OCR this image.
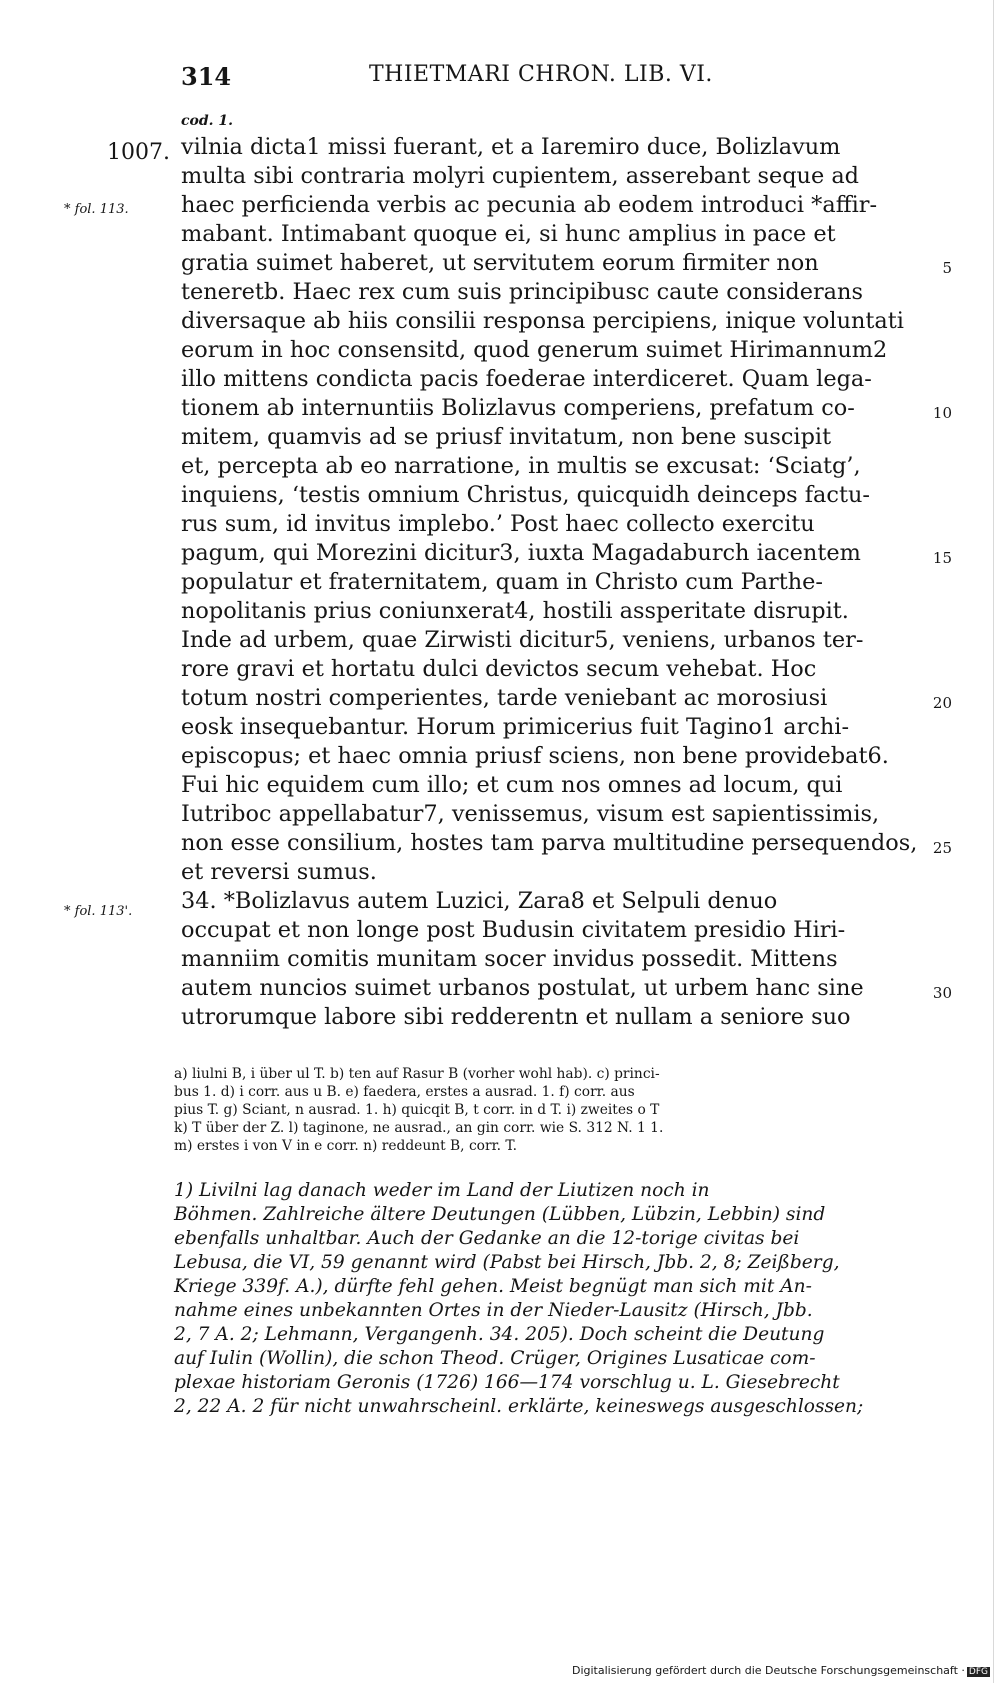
314	THIETMARI CHRON. LIB. VI.
cod. 1.
1007.
* fol. 113.
* fol. 113'.
vilnia dicta1 missi fuerant, et a Iaremiro duce, Bolizlavum
multa sibi contraria molyri cupientem, asserebant seque ad
haec perficienda verbis ac pecunia ab eodem introduci *affir-
mabant. Intimabant quoque ei, si hunc amplius in pace et
gratia suimet haberet, ut servitutem eorum firmiter non
teneretb. Haec rex cum suis principibusc caute considerans
diversaque ab hiis consilii responsa percipiens, inique voluntati
eorum in hoc consensitd, quod generum suimet Hirimannum2
illo mittens condicta pacis foederae interdiceret. Quam lega-
tionem ab internuntiis Bolizlavus comperiens, prefatum co-
mitem, quamvis ad se priusf invitatum, non bene suscipit
et, percepta ab eo narratione, in multis se excusat: ‘Sciatg’,
inquiens, ‘testis omnium Christus, quicquidh deinceps factu-
rus sum, id invitus implebo.’ Post haec collecto exercitu
pagum, qui Morezini dicitur3, iuxta Magadaburch iacentem
populatur et fraternitatem, quam in Christo cum Parthe-
nopolitanis prius coniunxerat4, hostili assperitate disrupit.
Inde ad urbem, quae Zirwisti dicitur5, veniens, urbanos ter-
rore gravi et hortatu dulci devictos secum vehebat. Hoc
totum nostri comperientes, tarde veniebant ac morosiusi
eosk insequebantur. Horum primicerius fuit Tagino1 archi-
episcopus; et haec omnia priusf sciens, non bene providebat6.
Fui hic equidem cum illo; et cum nos omnes ad locum, qui
Iutriboc appellabatur7, venissemus, visum est sapientissimis,
non esse consilium, hostes tam parva multitudine persequendos,
et reversi sumus.
34. *Bolizlavus autem Luzici, Zara8 et Selpuli denuo
occupat et non longe post Budusin civitatem presidio Hiri-
manniim comitis munitam socer invidus possedit. Mittens
autem nuncios suimet urbanos postulat, ut urbem hanc sine
utrorumque labore sibi redderentn et nullam a seniore suo
5
10
15
20
25
30
a) liulni B, i über ul T. b) ten auf Rasur B (vorher wohl hab). c) princi-
bus 1. d) i corr. aus u B. e) faedera, erstes a ausrad. 1. f) corr. aus
pius T. g) Sciant, n ausrad. 1. h) quicqit B, t corr. in d T. i) zweites o T
k) T über der Z. l) taginone, ne ausrad., an gin corr. wie S. 312 N. 1 1.
m) erstes i von V in e corr. n) reddeunt B, corr. T.
1) Livilni lag danach weder im Land der Liutizen noch in
Böhmen. Zahlreiche ältere Deutungen (Lübben, Lübzin, Lebbin) sind
ebenfalls unhaltbar. Auch der Gedanke an die 12-torige civitas bei
Lebusa, die VI, 59 genannt wird (Pabst bei Hirsch, Jbb. 2, 8; Zeißberg,
Kriege 339f. A.), dürfte fehl gehen. Meist begnügt man sich mit An-
nahme eines unbekannten Ortes in der Nieder-Lausitz (Hirsch, Jbb.
2, 7 A. 2; Lehmann, Vergangenh. 34. 205). Doch scheint die Deutung
auf Iulin (Wollin), die schon Theod. Crüger, Origines Lusaticae com-
plexae historiam Geronis (1726) 166—174 vorschlug u. L. Giesebrecht
2, 22 A. 2 für nicht unwahrscheinl. erklärte, keineswegs ausgeschlossen;
Digitalisierung gefördert durch die Deutsche Forschungsgemeinschaft · DFG
